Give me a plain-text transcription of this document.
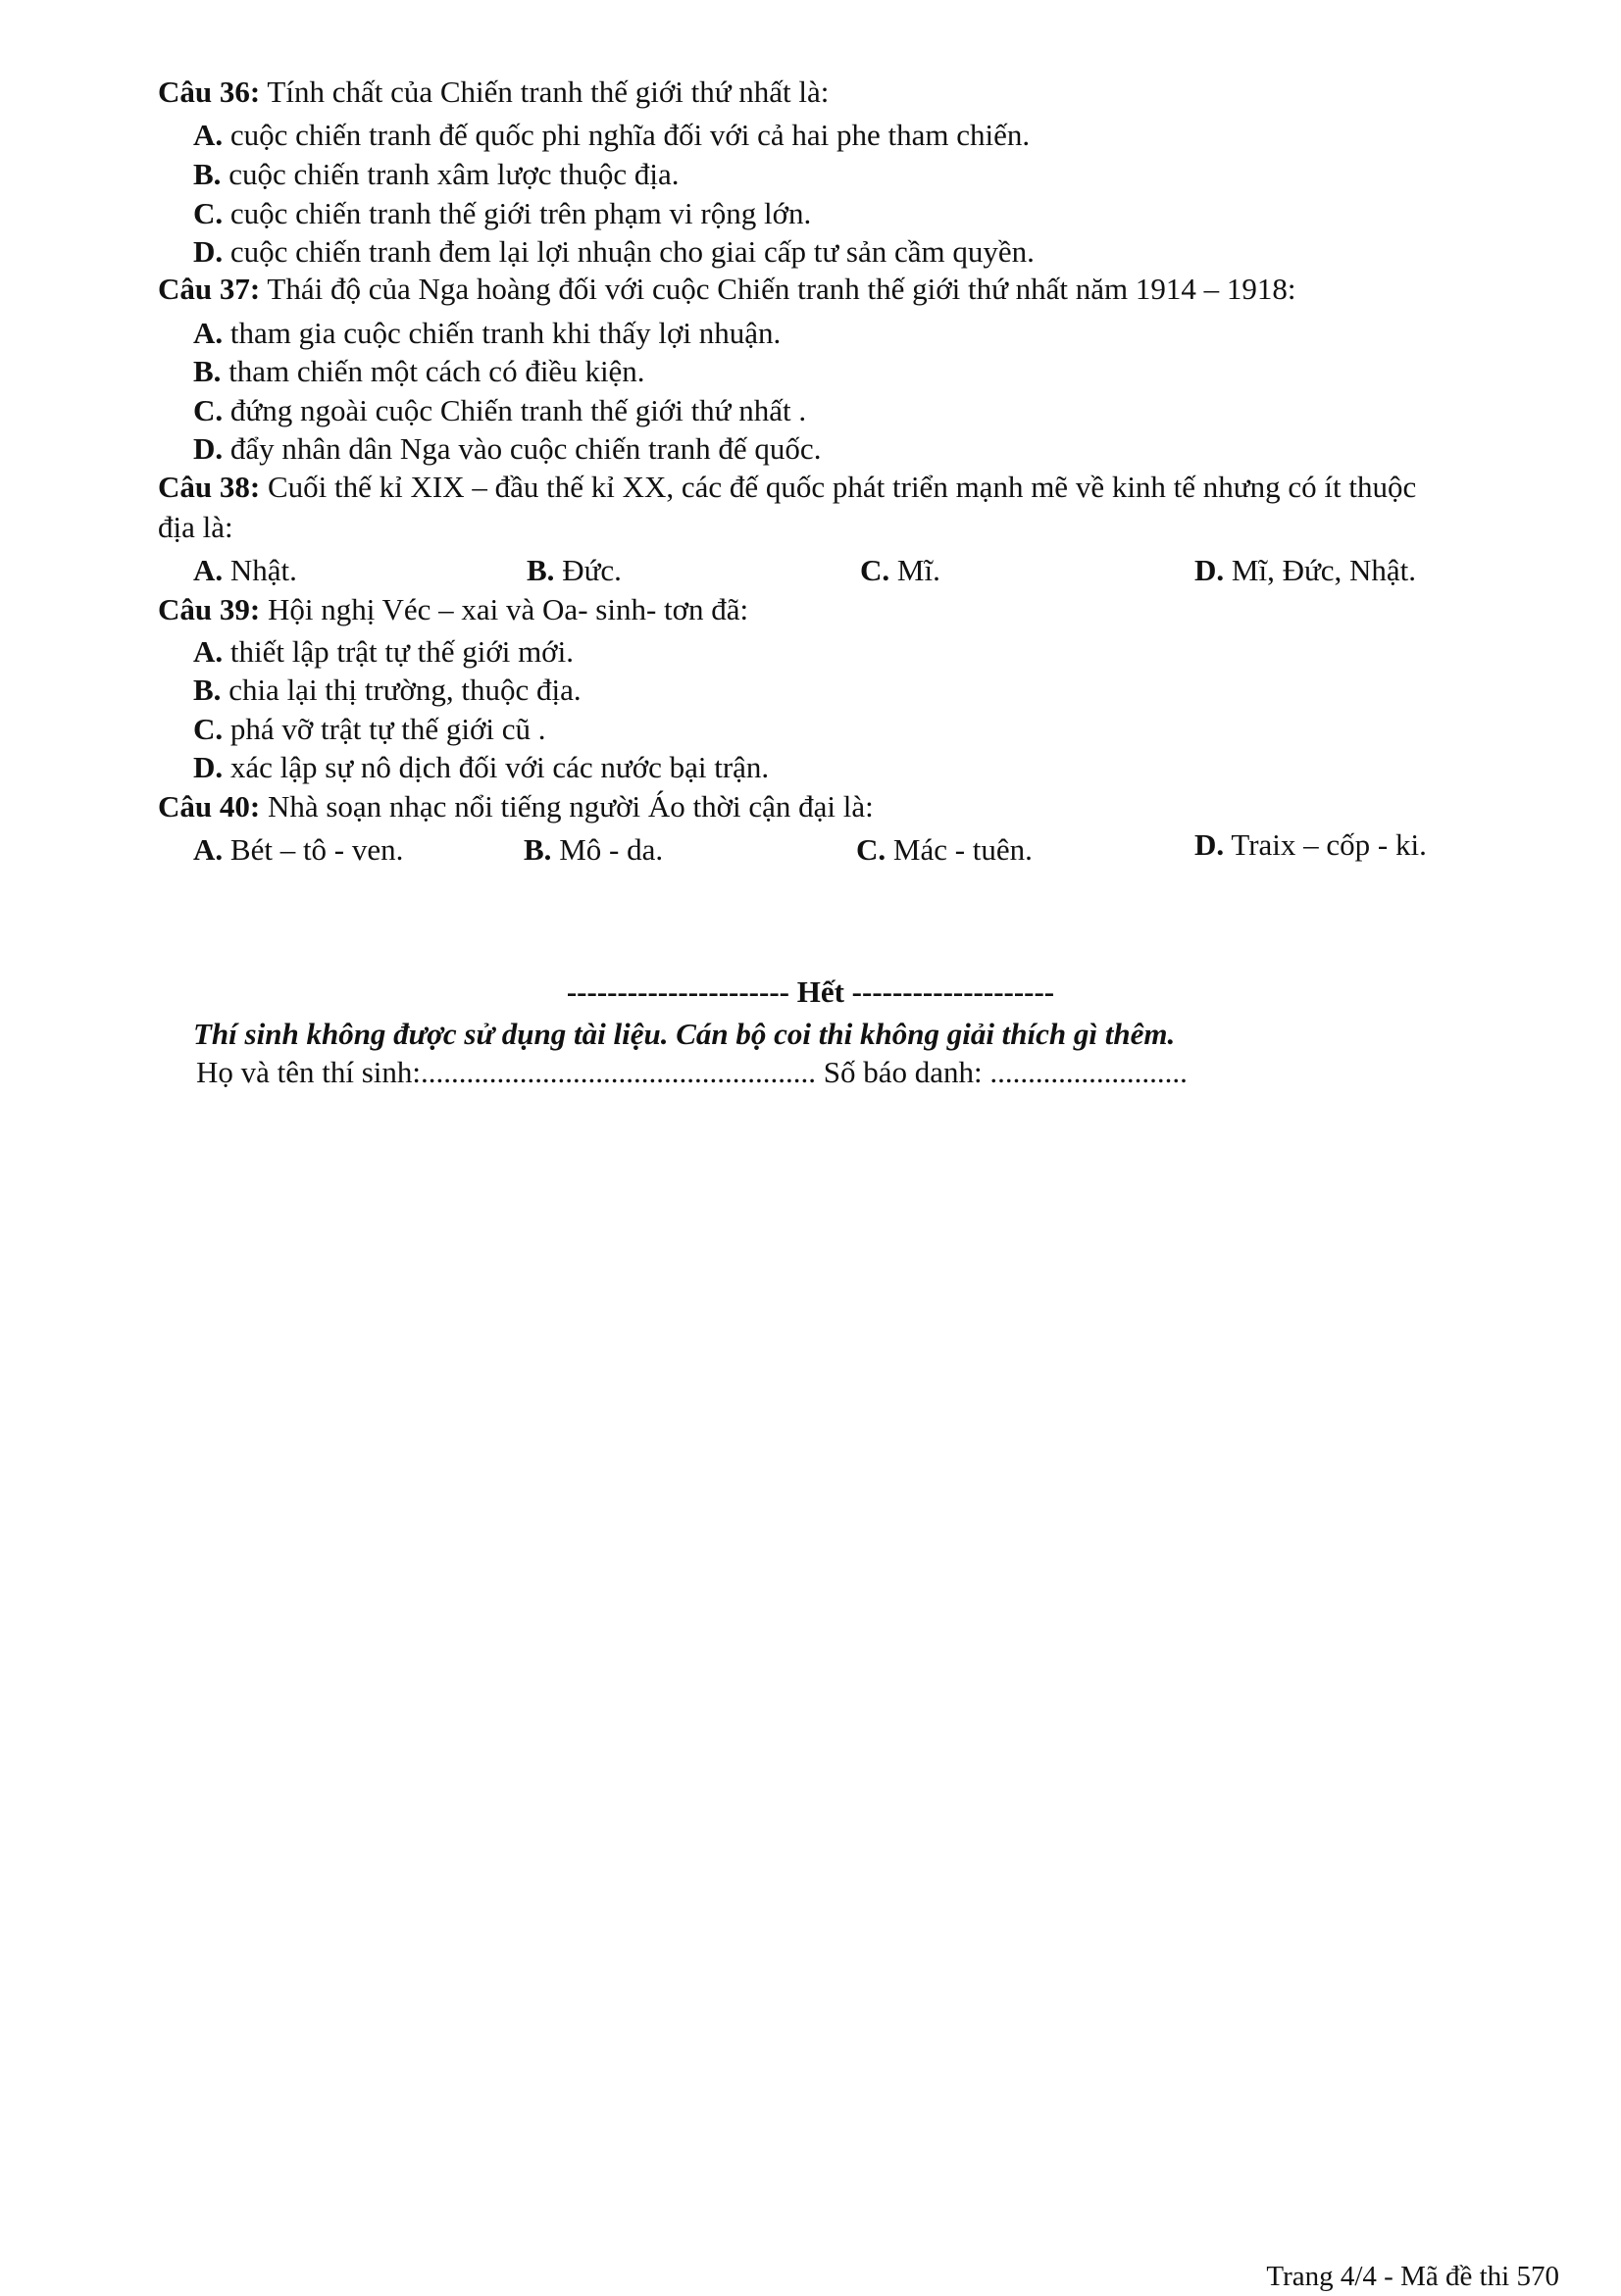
Câu 36: Tính chất của Chiến tranh thế giới thứ nhất là:
A. cuộc chiến tranh đế quốc phi nghĩa đối với cả hai phe tham chiến.
B. cuộc chiến tranh xâm lược thuộc địa.
C. cuộc chiến tranh thế giới trên phạm vi rộng lớn.
D. cuộc chiến tranh đem lại lợi nhuận cho giai cấp tư sản cầm quyền.
Câu 37: Thái độ của Nga hoàng đối với cuộc Chiến tranh thế giới thứ nhất năm 1914 – 1918:
A. tham gia cuộc chiến tranh khi thấy lợi nhuận.
B. tham chiến một cách có điều kiện.
C. đứng ngoài cuộc Chiến tranh thế giới thứ nhất .
D. đẩy nhân dân Nga vào cuộc chiến tranh đế quốc.
Câu 38: Cuối thế kỉ XIX – đầu thế kỉ XX, các đế quốc phát triển mạnh mẽ về kinh tế nhưng có ít thuộc
địa là:
A. Nhật.	B. Đức.	C. Mĩ.	D. Mĩ, Đức, Nhật.
Câu 39: Hội nghị Véc – xai và Oa- sinh- tơn đã:
A. thiết lập trật tự thế giới mới.
B. chia lại thị trường, thuộc địa.
C. phá vỡ trật tự thế giới cũ .
D. xác lập sự nô dịch đối với các nước bại trận.
Câu 40: Nhà soạn nhạc nổi tiếng người Áo thời cận đại là:
A. Bét – tô - ven.	B. Mô - da.	C. Mác - tuên.	D. Traix – cốp - ki.
---------------------- Hết --------------------
Thí sinh không được sử dụng tài liệu. Cán bộ coi thi không giải thích gì thêm.
Họ và tên thí sinh:.................................................... Số báo danh: ..........................
Trang 4/4 - Mã đề thi 570
